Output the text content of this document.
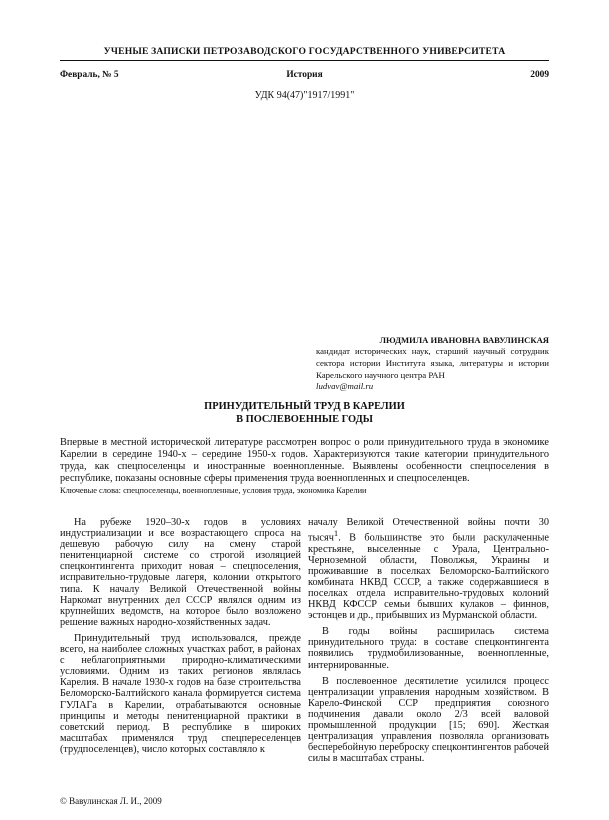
УЧЕНЫЕ ЗАПИСКИ ПЕТРОЗАВОДСКОГО ГОСУДАРСТВЕННОГО УНИВЕРСИТЕТА
Февраль, № 5	История	2009
УДК 94(47)"1917/1991"
ЛЮДМИЛА ИВАНОВНА ВАВУЛИНСКАЯ
кандидат исторических наук, старший научный сотрудник
сектора истории Института языка, литературы и истории
Карельского научного центра РАН
ludvav@mail.ru
ПРИНУДИТЕЛЬНЫЙ ТРУД В КАРЕЛИИ
В ПОСЛЕВОЕННЫЕ ГОДЫ
Впервые в местной исторической литературе рассмотрен вопрос о роли принудительного труда в экономике Карелии в середине 1940-х – середине 1950-х годов. Характеризуются такие категории принудительного труда, как спецпоселенцы и иностранные военнопленные. Выявлены особенности спецпоселения в республике, показаны основные сферы применения труда военнопленных и спецпоселенцев.
Ключевые слова: спецпоселенцы, военнопленные, условия труда, экономика Карелии

На рубеже 1920–30-х годов в условиях индустриализации и все возрастающего спроса на дешевую рабочую силу на смену старой пенитенциарной системе со строгой изоляцией спецконтингента приходит новая – спецпоселения, исправительно-трудовые лагеря, колонии открытого типа. К началу Великой Отечественной войны Наркомат внутренних дел СССР являлся одним из крупнейших ведомств, на которое было возложено решение важных народно-хозяйственных задач.

Принудительный труд использовался, прежде всего, на наиболее сложных участках работ, в районах с неблагоприятными природно-климатическими условиями. Одним из таких регионов являлась Карелия. В начале 1930-х годов на базе строительства Беломорско-Балтийского канала формируется система ГУЛАГа в Карелии, отрабатываются основные принципы и методы пенитенциарной практики в советский период. В республике в широких масштабах применялся труд спецпереселенцев (трудпоселенцев), число которых составляло к

началу Великой Отечественной войны почти 30 тысяч$^1$. В большинстве это были раскулаченные крестьяне, выселенные с Урала, Центрально-Черноземной области, Поволжья, Украины и проживавшие в поселках Беломорско-Балтийского комбината НКВД СССР, а также содержавшиеся в поселках отдела исправительно-трудовых колоний НКВД КФССР семьи бывших кулаков – финнов, эстонцев и др., прибывших из Мурманской области.

В годы войны расширилась система принудительного труда: в составе спецконтингента появились трудмобилизованные, военнопленные, интернированные.

В послевоенное десятилетие усилился процесс централизации управления народным хозяйством. В Карело-Финской ССР предприятия союзного подчинения давали около 2/3 всей валовой промышленной продукции [15; 690]. Жесткая централизация управления позволяла организовать бесперебойную переброску спецконтингентов рабочей силы в масштабах страны.

© Вавулинская Л. И., 2009
